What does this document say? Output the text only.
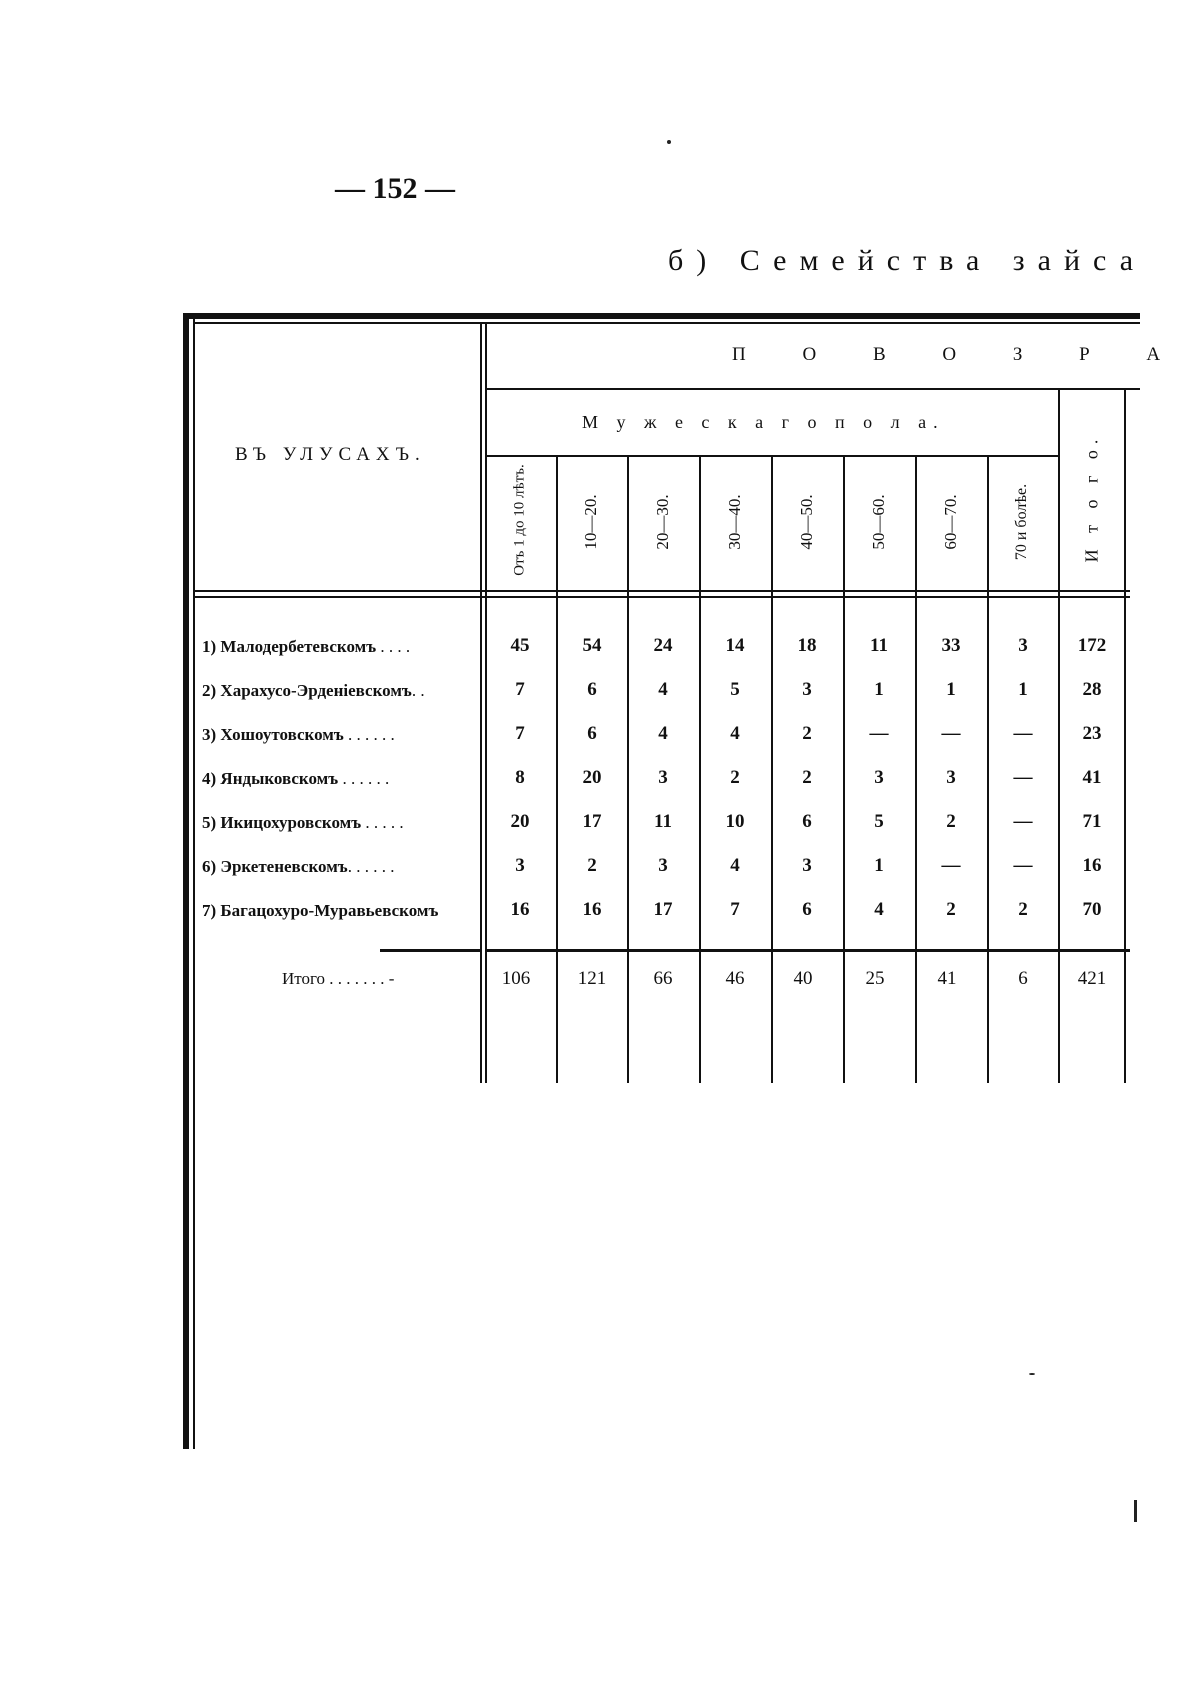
— 152 —
б) Семейства зайса
П О В О З Р А
М у ж е с к а г о п о л а.
ВЪ УЛУСАХЪ.	И т о г о.
Отъ 1 до 10 лѣтъ.	10—20.	20—30.	30—40.	40—50.	50—60.	60—70.	70 и болѣе.
1) Малодербетевскомъ . . . .	45	54	24	14	18	11	33	3	172
2) Харахусо-Эрденіевскомъ. .	7	6	4	5	3	1	1	1	28
3) Хошоутовскомъ . . . . . .	7	6	4	4	2	—	—	—	23
4) Яндыковскомъ . . . . . .	8	20	3	2	2	3	3	—	41
5) Икицохуровскомъ . . . . .	20	17	11	10	6	5	2	—	71
6) Эркетеневскомъ. . . . . .	3	2	3	4	3	1	—	—	16
7) Багацохуро-Муравьевскомъ	16	16	17	7	6	4	2	2	70
Итого . . . . . . . -	106	121	66	46	40	25	41	6	421
